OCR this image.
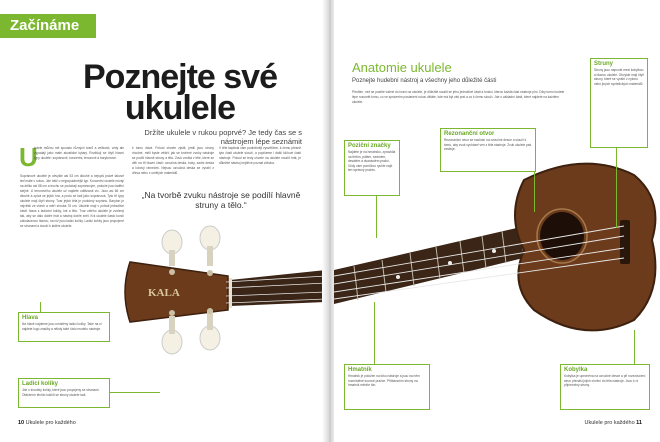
Začínáme
Poznejte své
ukulele
Držíte ukulele v rukou poprvé? Je tedy čas se s nástrojem lépe seznámit
U
kulele můžou mít spoustu různých tvarů a velikostí, vždy ale vypadají jako malé akustické kytary. Rozlišují se čtyři hlavní typy ukulele: sopránové, koncertní, tenorové a barytonové.
Sopránové ukulele je obvykle asi 53 cm dlouhé a nejspíš právě takové teď máte v rukou. Jde totiž o nejpopulárnější typ. Koncertní ukulele mívají na délku asi 58 cm a trochu se podobají sopránovým, protože jsou ladění stejně. U tenorového ukulele už najdete odlišnosti víc. Jsou asi 66 cm dlouhé a zpívá se jejich hra, a proto se ladí jako sopránová. Tyto tři typy ukulele mají čtyři struny. Tvar jejich těla je podobný sopránu. Baryton je největší ze všech a měří zhruba 76 cm. Ukulele mají v pořadí jednotlivé části: hlava s ladícími kolíky, krk a tělo. Tvar celého ukulele je zvolený tak, aby se dalo dobře hrát a nástroj dobře zněl. Krk ukulele často končí zakulacenou hlavou, na níž jsou ladicí kolíky. Ladicí kolíky jsou propojené se strunami a slouží k ladění ukulele.
k tomu dává. Pokud chcete zjistit, jestli jsou struny vhodné, měli byste vědět, jak se tvořené zvuky nástroje se podílí hlavně struny a tělo. Zvuk vzniká v těle, které se dělí na tři hlavní části: ozvučná deska, boky, zadní deska a lubový rámeček. Nejsou ozvučná deska se vyrábí z dřeva nebo z umělých materiálů.
V těle kapitola vám podrobněji vysvětlíme, k čemu přesně tyto části ukulele slouží, a popíšeme i další klíčové části nástroje. Pokud se tedy chcete na ukulele naučit hrát, je důležité nástroj nejdříve poznat zblízka.
„Na tvorbě zvuku nástroje se podílí hlavně struny a tělo.“
KALA
Hlava
Na hlavě najdeme jsou umístěny ladicí kolíky. Také na ní najdete logo značky a někdy také číslo modelu nástroje.
Ladicí kolíky
Jde o šroubky kolíky, které jsou propojeny se strunami. Otáčením těchto kolíků se struny ukulele ladí.
10 Ukulele pro každého
Anatomie ukulele
Poznejte hudební nástroj a všechny jeho důležité části
Předtím, než se pustíte vážně do hraní na ukulele, je důležité naučit se jeho jednotlivé části a funkci, kterou každá část nástroje plní. Díky tomu budete lépe rozumět tomu, co ve správném postavení rukou děláte, kde má být váš prst a co k čemu slouží. Jde o základní části, které najdete na každém ukulele.
Poziční značky
Najdete je na hmatníku, zpravidla na třetím, pátém, sedmém, desátém a dvanáctém pražci. Vždy vám pomůžou rychle najít ten správný pražec.
Rezonanční otvor
Rezonanční otvor se nachází na ozvučné desce a slouží k tomu, aby zvuk vycházel ven z těla nástroje. Zvuk ukulele pak zesiluje.
Struny
Struny jsou napnuté mezi kobylkou a hlavou ukulele. Obvykle mají čtyři struny, které se vyrábí z nylonu nebo jiných syntetických materiálů.
Hmatník
Hmatník je položen na krku nástroje a jsou na něm rozmístěné kovové pražce. Přitisknutím struny na hmatník měníte tón.
Kobylka
Kobylka je upevněna na ozvučné desce a při rozezvučení strun přenáší jejich chvění do těla nástroje. Jsou k ní připevněny struny.
Ukulele pro každého 11
